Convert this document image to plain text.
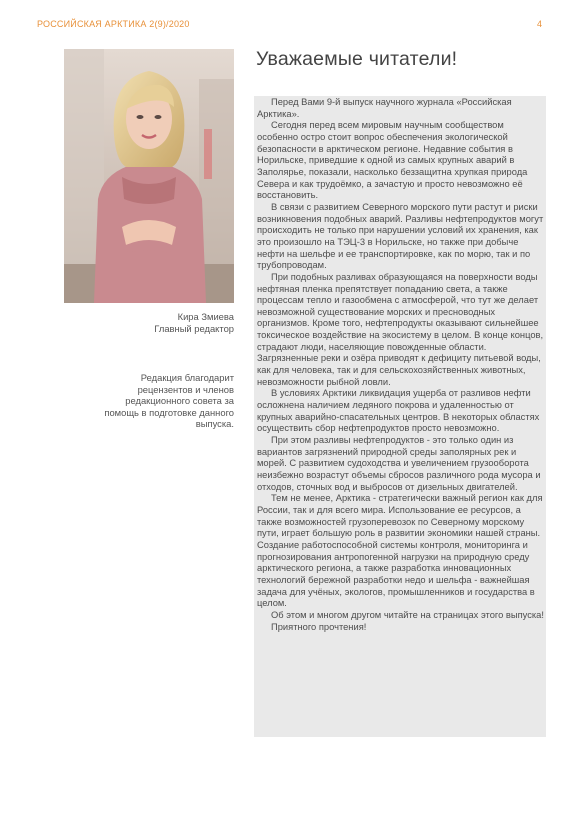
РОССИЙСКАЯ АРКТИКА 2(9)/2020	4
Кира Змиева
Главный редактор
Редакция благодарит рецензентов и членов редакционного совета за помощь в подготовке данного выпуска.
Уважаемые читатели!

Перед Вами 9-й выпуск научного журнала «Российская Арктика».

Сегодня перед всем мировым научным сообществом особенно остро стоит вопрос обеспечения экологической безопасности в арктическом регионе. Недавние события в Норильске, приведшие к одной из самых крупных аварий в Заполярье, показали, насколько беззащитна хрупкая природа Севера и как трудоёмко, а зачастую и просто невозможно её восстановить.

В связи с развитием Северного морского пути растут и риски возникновения подобных аварий. Разливы нефтепродуктов могут происходить не только при нарушении условий их хранения, как это произошло на ТЭЦ-3 в Норильске, но также при добыче нефти на шельфе и ее транспортировке, как по морю, так и по трубопроводам.

При подобных разливах образующаяся на поверхности воды нефтяная пленка препятствует попаданию света, а также процессам тепло и газообмена с атмосферой, что тут же делает невозможной существование морских и пресноводных организмов. Кроме того, нефтепродукты оказывают сильнейшее токсическое воздействие на экосистему в целом. В конце концов, страдают люди, населяющие повожденные области. Загрязненные реки и озёра приводят к дефициту питьевой воды, как для человека, так и для сельскохозяйственных животных, невозможности рыбной ловли.

В условиях Арктики ликвидация ущерба от разливов нефти осложнена наличием ледяного покрова и удаленностью от крупных аварийно-спасательных центров. В некоторых областях осуществить сбор нефтепродуктов просто невозможно.

При этом разливы нефтепродуктов - это только один из вариантов загрязнений природной среды заполярных рек и морей. С развитием судоходства и увеличением грузооборота неизбежно возрастут объемы сбросов различного рода мусора и отходов, сточных вод и выбросов от дизельных двигателей.

Тем не менее, Арктика - стратегически важный регион как для России, так и для всего мира. Использование ее ресурсов, а также возможностей грузоперевозок по Северному морскому пути, играет большую роль в развитии экономики нашей страны. Создание работоспособной системы контроля, мониторинга и прогнозирования антропогенной нагрузки на природную среду арктического региона, а также разработка инновационных технологий бережной разработки недо и шельфа - важнейшая задача для учёных, экологов, промышленников и государства в целом.

Об этом и многом другом читайте на страницах этого выпуска!

Приятного прочтения!
